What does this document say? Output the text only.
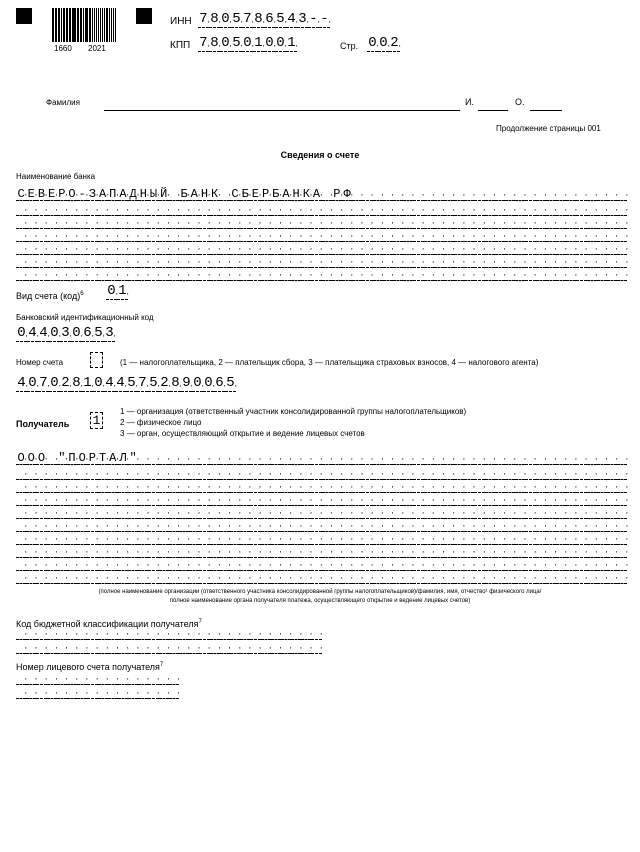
1660 2021
ИНН 7 · 8 · 0 · 5 · 7 · 8 · 6 · 5 · 4 · 3 · - · - ·
КПП 7 · 8 · 0 · 5 · 0 · 1 · 0 · 0 · 1 ·	Стр. 0 · 0 · 2 ·
Фамилия	И.	О.
Продолжение страницы 001
Сведения о счете
Наименование банка
С · Е · В · Е · Р · О · - · З · А · П · А · Д · Н · Ы · Й ·
· Б · А · Н · К ·
· С · Б · Е · Р · Б · А · Н · К · А ·
· Р · Ф ·
·
·
·
·
·
·
·
·
·
·
·
·
·
·
·
·
·
·
·
·
·
·
·
·
·
·
·
Вид счета (код)$^6$ 0 · 1 ·
Банковский идентификационный код
0 · 4 · 4 · 0 · 3 · 0 · 6 · 5 · 3 ·
Номер счета	(1 — налогоплательщика, 2 — плательщик сбора, 3 — плательщика страховых взносов, 4 — налогового агента)
4 · 0 · 7 · 0 · 2 · 8 · 1 · 0 · 4 · 4 · 5 · 7 · 5 · 2 · 8 · 9 · 0 · 0 · 6 · 5 ·
Получатель 1
1 — организация (ответственный участник консолидированной группы налогоплательщиков)
2 — физическое лицо
3 — орган, осуществляющий открытие и ведение лицевых счетов
О · О · О ·
· " · П · О · Р · Т · А · Л · " ·
·
·
·
·
·
·
·
·
·
·
·
·
·
·
·
·
·
·
·
·
·
·
·
·
·
·
·
·
·
·
·
·
·
·
·
·
·
·
·
·
·
·
·
·
·
·
·
·
(полное наименование организации (ответственного участника консолидированной группы налогоплательщиков)/фамилия, имя, отчество¹ физического лица/
полное наименование органа получателя платежа, осуществляющего открытие и ведение лицевых счетов)
Код бюджетной классификации получателя$^7$
·
·
·
·
·
·
·
·
·
·
·
·
·
·
·
·
·
·
·
·
·
·
·
·
·
·
·
·
·
·
·
·
·
·
·
·
·
·
·
·
·
·
·
·
·
·
·
·
·
·
·
·
·
·
·
·
·
·
·
·
Номер лицевого счета получателя$^7$
·
·
·
·
·
·
·
·
·
·
·
·
·
·
·
·
·
·
·
·
·
·
·
·
·
·
·
·
·
·
·
·
·
·
·
·
·
·
·
·
·
·
·
·
·
·
·
·
·
·
·
·
·
·
·
·
·
·
·
·
·
·
·
·
·
·
·
·
·
·
·
·
·
·
·
·
·
·
·
·
·
·
·
·
·
·
·
·
·
·
·
·
·
·
·
·
·
·
·
·
·
·
·
·
·
·
·
·
·
·
·
·
·
·
·
·
·
·
·
·
·
·
·
·
·
·
·
·
·
·
·
·
·
·
·
·
·
·
·
·
·
·
·
·
·
·
·
·
·
·
·
·
·
·
·
·
·
·
·
·
·
·
·
·
·
·
·
·
·
·
·
·
·
·
·
·
·
·
·
·
·
·
·
·
·
·
·
·
·
·
·
·
·
·
·
·
·
·
·
·
·
·
·
·
·
·
·
·
·
·
·
·
·
·
·
·
·
·
·
·
·
·
·
·
·
·
·
·
·
·
·
·
·
·
·
·
·
·
·
·
·
·
·
·
·
·
·
·
·
·
·
·
·
·
·
·
·
·
·
·
·
·
·
·
·
·
·
·
·
·
·
·
·
·
·
·
·
·
·
·
·
·
·
·
·
·
·
·
·
·
·
·
·
·
·
·
·
·
·
·
·
·
·
·
·
·
·
·
·
·
·
·
·
·
·
·
·
·
·
·
·
·
·
·
·
·
·
·
·
·
·
·
·
·
·
·
·
·
·
·
·
·
·
·
·
·
·
·
·
·
·
·
·
·
·
·
·
·
·
·
·
·
·
·
·
·
·
·
·
·
·
·
·
·
·
·
·
·
·
·
·
·
·
·
·
·
·
·
·
·
·
·
·
·
·
·
·
·
·
·
·
·
·
·
·
·
·
·
·
·
·
·
·
·
·
·
·
·
·
·
·
·
·
·
·
·
·
·
·
·
·
·
·
·
·
·
·
·
·
·
·
·
·
·
·
·
·
·
·
·
·
·
·
·
·
·
·
·
·
·
·
·
·
·
·
·
·
·
·
·
·
·
·
·
·
·
·
·
·
·
·
·
·
·
·
·
·
·
·
·
·
·
·
·
·
·
·
·
·
·
·
·
·
·
·
·
·
·
·
·
·
·
·
·
·
·
·
·
·
·
·
·
·
·
·
·
·
·
·
·
·
·
·
·
·
·
·
·
·
·
·
·
·
·
·
·
·
·
·
·
·
·
·
·
·
·
·
·
·
·
·
·
·
·
·
·
·
·
·
·
·
·
·
·
·
·
·
·
·
·
·
·
·
·
·
·
·
·
·
·
·
·
·
·
·
·
·
·
·
·
·
·
·
·
·
·
·
·
·
·
·
·
·
·
·
·
·
·
·
·
·
·
·
·
·
·
·
·
·
·
·
·
·
·
·
·
·
·
·
·
·
·
·
·
·
·
·
·
·
·
·
·
·
·
·
·
·
·
·
·
·
·
·
·
·
·
·
·
·
·
·
·
·
·
·
·
·
·
·
·
·
·
·
·
·
·
·
·
·
·
·
·
·
·
·
·
·
·
·
·
·
·
·
·
·
·
·
·
·
·
·
·
·
·
·
·
·
·
·
·
·
·
·
·
·
·
·
·
·
·
·
·
·
·
·
·
·
·
·
·
·
·
·
·
·
·
·
·
·
·
·
·
·
·
·
·
·
·
·
·
·
·
·
·
·
·
·
·
·
·
·
·
·
·
·
·
·
·
·
·
·
·
·
·
·
·
·
·
·
·
·
·
·
·
·
·
·
·
·
·
·
·
·
·
·
·
·
·
·
·
·
·
·
·
·
·
·
·
·
·
·
·
·
·
·
·
·
·
·
·
·
·
·
·
·
·
·
·
·
·
·
·
·
·
·
·
·
·
·
·
·
·
·
·
·
·
·
·
·
·
·
·
·
·
·
·
·
·
·
·
·
·
·
·
·
·
·
·
·
·
·
·
·
·
·
·
·
·
·
·
·
·
·
·
·
·
·
·
·
·
·
·
·
·
·
·
·
·
·
·
·
·
·
·
·
·
·
·
·
·
·
·
·
·
·
·
·
·
·
·
·
·
